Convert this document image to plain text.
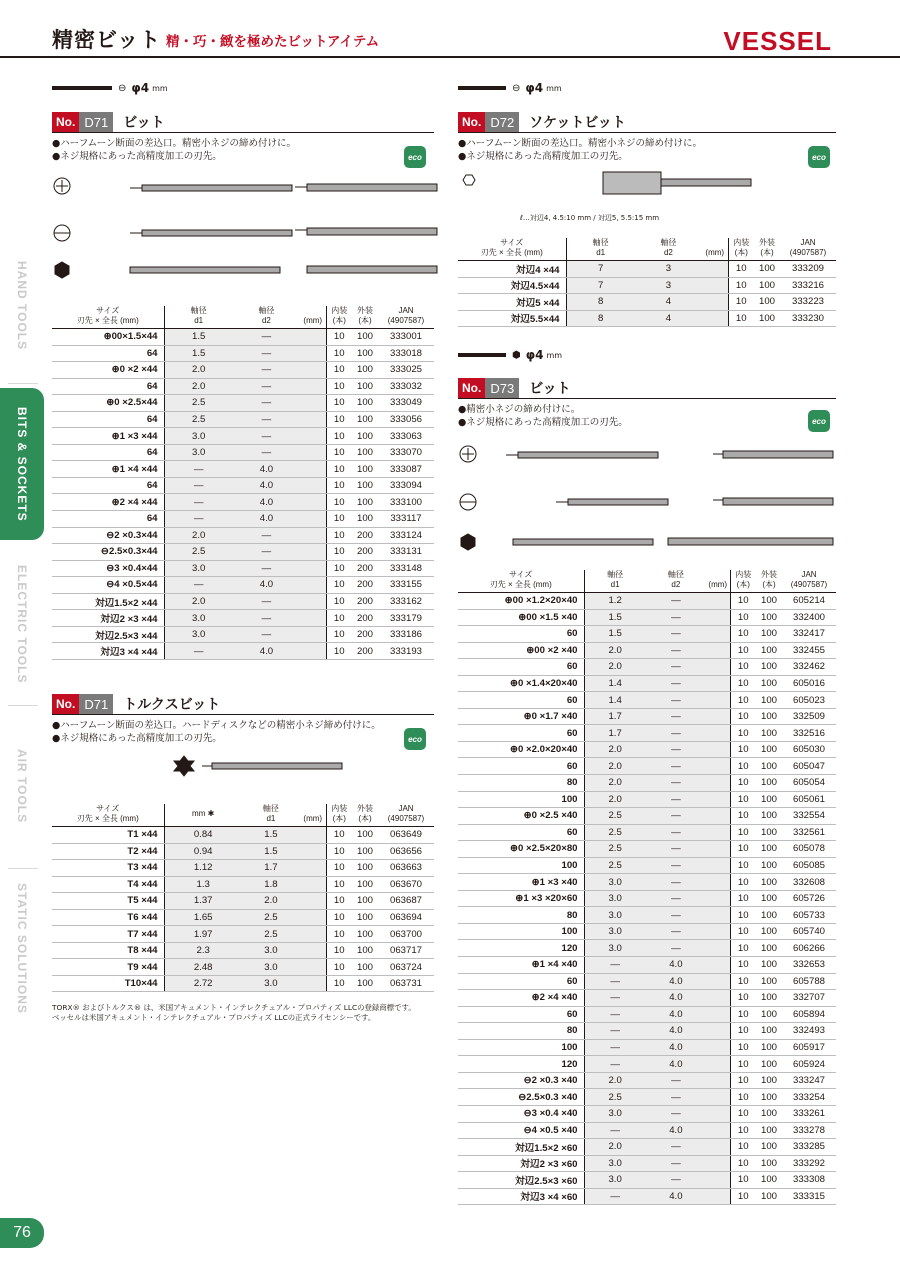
精密ビット 精・巧・緻を極めたビットアイテム	VESSEL
HAND TOOLS
BITS & SOCKETS
ELECTRIC TOOLS
AIR TOOLS
STATIC SOLUTIONS
76
⊖ φ4 mm
No. D71	ビット
●ハーフムーン断面の差込口。精密小ネジの締め付けに。
●ネジ規格にあった高精度加工の刃先。	eco
サイズ
刃先 × 全長 (mm)	軸径
d1	軸径
d2	(mm)	内装
(本)	外装
(本)	JAN
(4907587)
⊕00×1.5×44	1.5	—		10	100	333001
64	1.5	—		10	100	333018
⊕0 ×2 ×44	2.0	—		10	100	333025
64	2.0	—		10	100	333032
⊕0 ×2.5×44	2.5	—		10	100	333049
64	2.5	—		10	100	333056
⊕1 ×3 ×44	3.0	—		10	100	333063
64	3.0	—		10	100	333070
⊕1 ×4 ×44	—	4.0		10	100	333087
64	—	4.0		10	100	333094
⊕2 ×4 ×44	—	4.0		10	100	333100
64	—	4.0		10	100	333117
⊖2 ×0.3×44	2.0	—		10	200	333124
⊖2.5×0.3×44	2.5	—		10	200	333131
⊖3 ×0.4×44	3.0	—		10	200	333148
⊖4 ×0.5×44	—	4.0		10	200	333155
対辺1.5×2 ×44	2.0	—		10	200	333162
対辺2 ×3 ×44	3.0	—		10	200	333179
対辺2.5×3 ×44	3.0	—		10	200	333186
対辺3 ×4 ×44	—	4.0		10	200	333193
No. D71	トルクスビット
●ハーフムーン断面の差込口。ハードディスクなどの精密小ネジ締め付けに。
●ネジ規格にあった高精度加工の刃先。	eco
サイズ
刃先 × 全長 (mm)	mm ✱	軸径
d1	(mm)	内装
(本)	外装
(本)	JAN
(4907587)
T1 ×44	0.84	1.5		10	100	063649
T2 ×44	0.94	1.5		10	100	063656
T3 ×44	1.12	1.7		10	100	063663
T4 ×44	1.3	1.8		10	100	063670
T5 ×44	1.37	2.0		10	100	063687
T6 ×44	1.65	2.5		10	100	063694
T7 ×44	1.97	2.5		10	100	063700
T8 ×44	2.3	3.0		10	100	063717
T9 ×44	2.48	3.0		10	100	063724
T10×44	2.72	3.0		10	100	063731
TORX® およびトルクス® は、米国アキュメント・インテレクチュアル・プロパティズ LLCの登録商標です。
ベッセルは米国アキュメント・インテレクチュアル・プロパティズ LLCの正式ライセンシーです。
⊖ φ4 mm
No. D72	ソケットビット
●ハーフムーン断面の差込口。精密小ネジの締め付けに。
●ネジ規格にあった高精度加工の刃先。	eco
ℓ…対辺4, 4.5:10 mm / 対辺5, 5.5:15 mm
サイズ
刃先 × 全長 (mm)	軸径
d1	軸径
d2	(mm)	内装
(本)	外装
(本)	JAN
(4907587)
対辺4 ×44	7	3		10	100	333209
対辺4.5×44	7	3		10	100	333216
対辺5 ×44	8	4		10	100	333223
対辺5.5×44	8	4		10	100	333230
⬢ φ4 mm
No. D73	ビット
●精密小ネジの締め付けに。
●ネジ規格にあった高精度加工の刃先。	eco
サイズ
刃先 × 全長 (mm)	軸径
d1	軸径
d2	(mm)	内装
(本)	外装
(本)	JAN
(4907587)
⊕00 ×1.2×20×40	1.2	—		10	100	605214
⊕00 ×1.5 ×40	1.5	—		10	100	332400
60	1.5	—		10	100	332417
⊕00 ×2 ×40	2.0	—		10	100	332455
60	2.0	—		10	100	332462
⊕0 ×1.4×20×40	1.4	—		10	100	605016
60	1.4	—		10	100	605023
⊕0 ×1.7 ×40	1.7	—		10	100	332509
60	1.7	—		10	100	332516
⊕0 ×2.0×20×40	2.0	—		10	100	605030
60	2.0	—		10	100	605047
80	2.0	—		10	100	605054
100	2.0	—		10	100	605061
⊕0 ×2.5 ×40	2.5	—		10	100	332554
60	2.5	—		10	100	332561
⊕0 ×2.5×20×80	2.5	—		10	100	605078
100	2.5	—		10	100	605085
⊕1 ×3 ×40	3.0	—		10	100	332608
⊕1 ×3 ×20×60	3.0	—		10	100	605726
80	3.0	—		10	100	605733
100	3.0	—		10	100	605740
120	3.0	—		10	100	606266
⊕1 ×4 ×40	—	4.0		10	100	332653
60	—	4.0		10	100	605788
⊕2 ×4 ×40	—	4.0		10	100	332707
60	—	4.0		10	100	605894
80	—	4.0		10	100	332493
100	—	4.0		10	100	605917
120	—	4.0		10	100	605924
⊖2 ×0.3 ×40	2.0	—		10	100	333247
⊖2.5×0.3 ×40	2.5	—		10	100	333254
⊖3 ×0.4 ×40	3.0	—		10	100	333261
⊖4 ×0.5 ×40	—	4.0		10	100	333278
対辺1.5×2 ×60	2.0	—		10	100	333285
対辺2 ×3 ×60	3.0	—		10	100	333292
対辺2.5×3 ×60	3.0	—		10	100	333308
対辺3 ×4 ×60	—	4.0		10	100	333315
